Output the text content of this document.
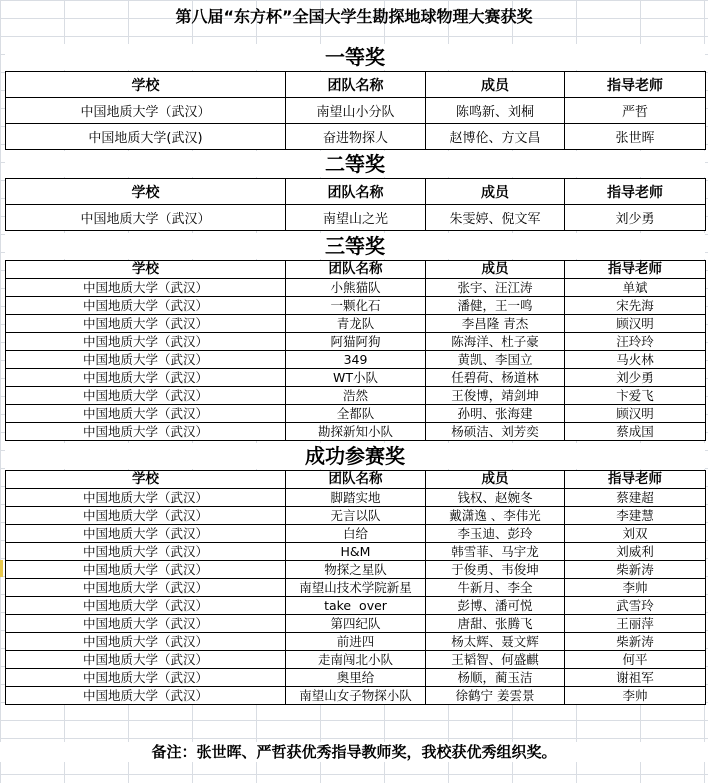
第八届“东方杯”全国大学生勘探地球物理大赛获奖
一等奖
学校	团队名称	成员	指导老师
中国地质大学（武汉）	南望山小分队	陈鸣新、刘桐	严哲
中国地质大学(武汉)	奋进物探人	赵博伦、方文昌	张世晖
二等奖
学校	团队名称	成员	指导老师
中国地质大学（武汉）	南望山之光	朱雯婷、倪文军	刘少勇
三等奖
学校	团队名称	成员	指导老师
中国地质大学（武汉）	小熊猫队	张宇、汪江涛	单斌
中国地质大学（武汉）	一颗化石	潘健，王一鸣	宋先海
中国地质大学（武汉）	青龙队	李昌隆 青杰	顾汉明
中国地质大学（武汉）	阿猫阿狗	陈海洋、杜子豪	汪玲玲
中国地质大学（武汉）	349	黄凯、李国立	马火林
中国地质大学（武汉）	WT小队	任碧荷、杨道林	刘少勇
中国地质大学（武汉）	浩然	王俊博，靖剑坤	卞爱飞
中国地质大学（武汉）	全都队	孙明、张海建	顾汉明
中国地质大学（武汉）	勘探新知小队	杨硕洁、刘芳奕	蔡成国
成功参赛奖
学校	团队名称	成员	指导老师
中国地质大学（武汉）	脚踏实地	钱权、赵婉冬	蔡建超
中国地质大学（武汉）	无言以队	戴潇逸 、李伟光	李建慧
中国地质大学（武汉）	白给	李玉迪、彭玲	刘双
中国地质大学（武汉）	H&M	韩雪菲、马宇龙	刘威利
中国地质大学（武汉）	物探之星队	于俊勇、韦俊坤	柴新涛
中国地质大学（武汉）	南望山技术学院新星	牛新月、李全	李帅
中国地质大学（武汉）	take  over	彭博、潘可悦	武雪玲
中国地质大学（武汉）	第四纪队	唐甜、张腾飞	王丽萍
中国地质大学（武汉）	前进四	杨太辉、聂文辉	柴新涛
中国地质大学（武汉）	走南闯北小队	王韬智、何盛麒	何平
中国地质大学（武汉）	奥里给	杨顺，蔺玉洁	谢祖军
中国地质大学（武汉）	南望山女子物探小队	徐鹤宁 姜雲景	李帅
备注：张世晖、严哲获优秀指导教师奖，我校获优秀组织奖。
